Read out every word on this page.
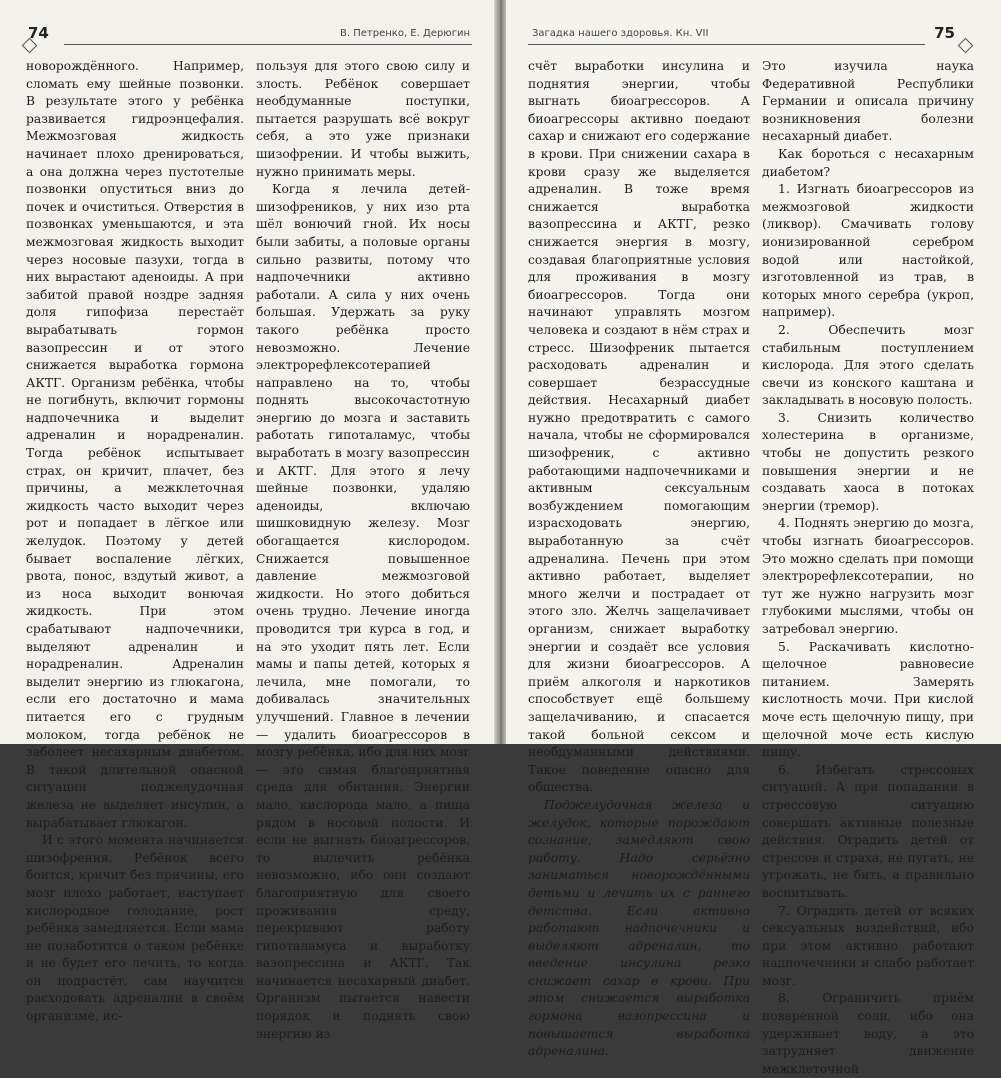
74	В. Петренко, Е. Дерюгин

новорождённого. Например, сломать ему шейные позвонки. В результате этого у ребёнка развивается гидроэнцефалия. Межмозговая жидкость начинает плохо дренироваться, а она должна через пустотелые позвонки опуститься вниз до почек и очиститься. Отверстия в позвонках уменьшаются, и эта межмозговая жидкость выходит через носовые пазухи, тогда в них вырастают аденоиды. А при забитой правой ноздре задняя доля гипофиза перестаёт вырабатывать гормон вазопрессин и от этого снижается выработка гормона АКТГ. Организм ребёнка, чтобы не погибнуть, включит гормоны надпочечника и выделит адреналин и норадреналин. Тогда ребёнок испытывает страх, он кричит, плачет, без причины, а межклеточная жидкость часто выходит через рот и попадает в лёгкое или желудок. Поэтому у детей бывает воспаление лёгких, рвота, понос, вздутый живот, а из носа выходит вонючая жидкость. При этом срабатывают надпочечники, выделяют адреналин и норадреналин. Адреналин выделит энергию из глюкагона, если его достаточно и мама питается его с грудным молоком, тогда ребёнок не заболеет несахарным диабетом. В такой длительной опасной ситуации поджелудочная железа не выделяет инсулин, а вырабатывает глюкагон.

И с этого момента начинается шизофрения. Ребёнок всего боится, кричит без причины, его мозг плохо работает, наступает кислородное голодание, рост ребёнка замедляется. Если мама не позаботится о таком ребёнке и не будет его лечить, то когда он подрастёт, сам научится расходовать адреналин в своём организме, ис-

пользуя для этого свою силу и злость. Ребёнок совершает необдуманные поступки, пытается разрушать всё вокруг себя, а это уже признаки шизофрении. И чтобы выжить, нужно принимать меры.

Когда я лечила детей-шизофреников, у них изо рта шёл вонючий гной. Их носы были забиты, а половые органы сильно развиты, потому что надпочечники активно работали. А сила у них очень большая. Удержать за руку такого ребёнка просто невозможно. Лечение электрорефлексотерапией направлено на то, чтобы поднять высокочастотную энергию до мозга и заставить работать гипоталамус, чтобы выработать в мозгу вазопрессин и АКТГ. Для этого я лечу шейные позвонки, удаляю аденоиды, включаю шишковидную железу. Мозг обогащается кислородом. Снижается повышенное давление межмозговой жидкости. Но этого добиться очень трудно. Лечение иногда проводится три курса в год, и на это уходит пять лет. Если мамы и папы детей, которых я лечила, мне помогали, то добивалась значительных улучшений. Главное в лечении — удалить биоагрессоров в мозгу ребёнка, ибо для них мозг — это самая благоприятная среда для обитания. Энергии мало, кислорода мало, а пища рядом в носовой полости. И если не выгнать биоагрессоров, то вылечить ребёнка невозможно, ибо они создают благоприятную для своего проживания среду, перекрывают работу гипоталамуса и выработку вазопрессина и АКТГ. Так начинается несахарный диабет. Организм пытается навести порядок и поднять свою энергию из

Загадка нашего здоровья. Кн. VII	75

счёт выработки инсулина и поднятия энергии, чтобы выгнать биоагрессоров. А биоагрессоры активно поедают сахар и снижают его содержание в крови. При снижении сахара в крови сразу же выделяется адреналин. В тоже время снижается выработка вазопрессина и АКТГ, резко снижается энергия в мозгу, создавая благоприятные условия для проживания в мозгу биоагрессоров. Тогда они начинают управлять мозгом человека и создают в нём страх и стресс. Шизофреник пытается расходовать адреналин и совершает безрассудные действия. Несахарный диабет нужно предотвратить с самого начала, чтобы не сформировался шизофреник, с активно работающими надпочечниками и активным сексуальным возбуждением помогающим израсходовать энергию, выработанную за счёт адреналина. Печень при этом активно работает, выделяет много желчи и пострадает от этого зло. Желчь защелачивает организм, снижает выработку энергии и создаёт все условия для жизни биоагрессоров. А приём алкоголя и наркотиков способствует ещё большему защелачиванию, и спасается такой больной сексом и необдуманными действиями. Такое поведение опасно для общества.

Поджелудочная железа и желудок, которые порождают сознание, замедляют свою работу. Надо серьёзно заниматься новорождёнными детьми и лечить их с раннего детства. Если активно работают надпочечники и выделяют адреналин, то введение инсулина резко снижает сахар в крови. При этом снижается выработка гормона вазопрессина и повышается выработка адреналина.

Это изучила наука Федеративной Республики Германии и описала причину возникновения болезни несахарный диабет.

Как бороться с несахарным диабетом?

1. Изгнать биоагрессоров из межмозговой жидкости (ликвор). Смачивать голову ионизированной серебром водой или настойкой, изготовленной из трав, в которых много серебра (укроп, например).

2. Обеспечить мозг стабильным поступлением кислорода. Для этого сделать свечи из конского каштана и закладывать в носовую полость.

3. Снизить количество холестерина в организме, чтобы не допустить резкого повышения энергии и не создавать хаоса в потоках энергии (тремор).

4. Поднять энергию до мозга, чтобы изгнать биоагрессоров. Это можно сделать при помощи электрорефлексотерапии, но тут же нужно нагрузить мозг глубокими мыслями, чтобы он затребовал энергию.

5. Раскачивать кислотно-щелочное равновесие питанием. Замерять кислотность мочи. При кислой моче есть щелочную пищу, при щелочной моче есть кислую пищу.

6. Избегать стрессовых ситуаций. А при попадании в стрессовую ситуацию совершать активные полезные действия. Оградить детей от стрессов и страха, не пугать, не угрожать, не бить, а правильно воспитывать.

7. Оградить детей от всяких сексуальных воздействий, ибо при этом активно работают надпочечники и слабо работает мозг.

8. Ограничить приём поваренной соли, ибо она удерживает воду, а это затрудняет движение межклеточной
